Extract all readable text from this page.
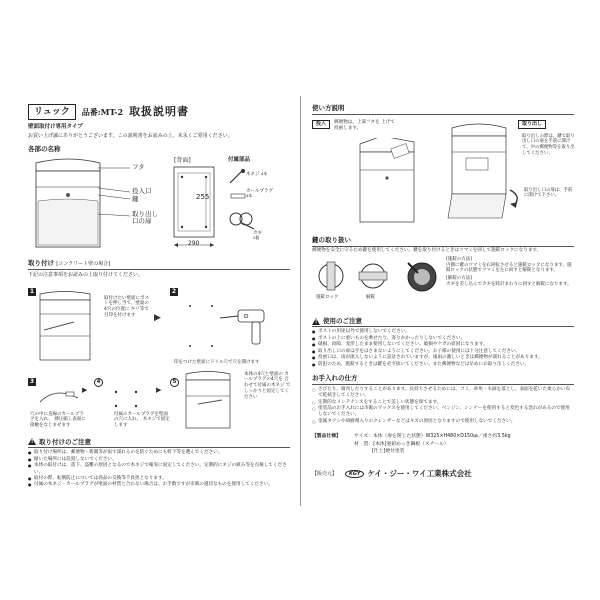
リュック	品番:MT-2 取扱説明書
壁面取付け専用タイプ
お買い上げ誠にありがとうございます。この説明書をお読みの上、末永くご愛用ください。
各部の名称
フタ
投入口
鍵
取り出し
口の扉
[背面]
255
290
付属部品
木ネジ 4本
カールプラグ
4本
カギ
2個
取り付け [コンクリート壁の場合]
下記の注意事項をお読みの上取り付けてください。
1
取付けたい壁面にポストを押し当て、壁面の4穴の位置に キリ等で目印を付けます
2
▶
印をつけた壁面にドリル穴で穴を開けます
3
穴の中に直線のカールプラグを入れ、 挿圧縮し表面に接触をなじませます
4
▶
付属のカールプラグを壁面の穴に入れ、 木ネジで固定します
5
▶
本体の4穴と壁面の カールプラグの4穴を 合わせて付属の木ネジ でしっかりと固定してください
!
取り付けのご注意
● 取り付け場所は、郵便物・新聞等が雨で濡れるのを防ぐためにも軒下等を選んでください。
● 傾いた場所には設置しないでください。
● 本体の取付けは、落下、盗難の原因となるので木ネジで確実に固定してください。定期的にネジの緩み等を点検してください。
● 取付の際、転倒防止については商品の交換等不負担となります。
● 付属の木ネジ・カールプラグが壁面の材質と合わない場合は、お手数ですが市販の適切なものを使用してください。
使い方説明
投入	郵便物は、上部フタを 上げて投函します。
取り出し
取り出しの際は、鍵で取り出し口の扉を手前に開けて、中の郵便物等を取り出してください。
取り出し口の扉は、手前に開けて下さい。
鍵の取り扱い
郵便物を安全に守るため鍵を使用してください。鍵を取り付けるときはツマミを回して施錠ロックになります。
施錠ロック	解錠
[施錠の方法]
内側に鍵のツマミを右回転させると施錠ロックになります。施錠ロックの状態でツマミを左に回すと解錠となります。
[解錠の方法]
カギを差し込んでカギを時計まわりに回すと解錠になります。
!
使用のご注意
● ポストの用途以外で使用しないでください。
● ポストの上に重いものを乗せたり、寄りかかったりしないでください。
● 破損、故障、変形したまま使用しないでください。破損やケガの原因になります。
● 取り出し口の扉は手をはさまないようにしてください。お子様の使用には十分注意してください。
● 投函口は、雨が流入しないように設計されていますが、風雨の激しいときは郵便物が濡れることがあります。
● 防犯のため、施錠するときは鍵を必ず抜いてください。また郵便物などは早めにお取り出しください。
お手入れの仕方
○ さびたり、腐食したりすることがあります。長持ちさせるためには、ゴミ、砂埃・水滴を落とし、表面を乾いた柔らかい布で乾拭きしてください。
○ 定期的なメンテナンスをすることで美しい状態を保てます。
○ 塗装品のお手入れには市販のワックスを使用してください。ベンジン、シンナーを使用すると変色する恐れがあるので使用しないでください。
○ 金属タワシや研磨剤入りのクレンザーなどはキズの原因となりますので使用しないでください。
【製品仕様】	サイズ： 本体（扉を閉じた状態）W325×H480×D150㎜／重さ約3.5kg
材　質： [本体] 亜鉛めっき鋼板（スチール）
[仕上] 焼付塗装
【販売元】	KGY ケイ・ジー・ワイ工業株式会社
